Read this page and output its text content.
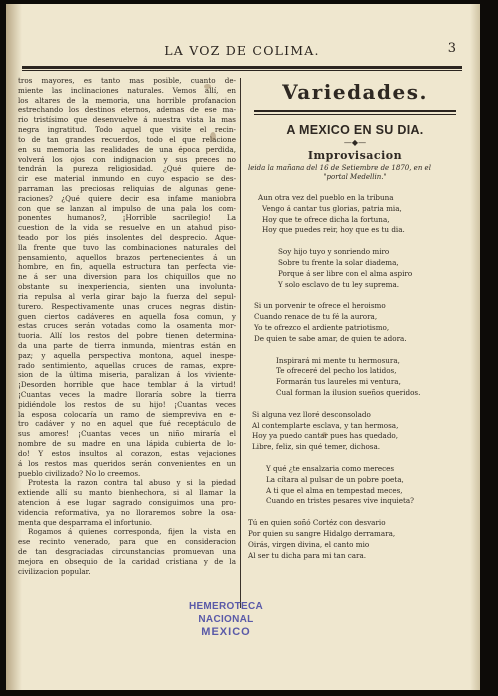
LA VOZ DE COLIMA.	3
tros mayores, es tanto mas posible, cuanto de-
miente las inclinaciones naturales. Vemos allí, en
los altares de la memoria, una horrible profanacion
estrechando los destinos eternos, ademas de ese ma-
rio tristísimo que desenvuelve á nuestra vista la mas
negra ingratitud. Todo aquel que visite el recin-
to de tan grandes recuerdos, todo el que relacione
en su memoria las realidades de una época perdida,
volverá los ojos con indignacion y sus preces no
tendrán la pureza religiosidad. ¿Qué quiere de-
cir ese material inmundo en cuyo espacio se des-
parraman las preciosas reliquias de algunas gene-
raciones? ¿Qué quiere decir esa infame maniobra
con que se lanzan al impulso de una pala los com-
ponentes humanos?, ¡Horrible sacrilegio! La
cuestion de la vida se resuelve en un atahud piso-
teado por los piés insolentes del desprecio. Aque-
lla frente que tuvo las combinaciones naturales del
pensamiento, aquellos brazos pertenecientes á un
hombre, en fin, aquella estructura tan perfecta vie-
ne á ser una diversion para los chiquillos que no
obstante su inexperiencia, sienten una involunta-
ria repulsa al verla girar bajo la fuerza del sepul-
turero. Respectivamente unas cruces negras distin-
guen ciertos cadáveres en aquella fosa comun, y
estas cruces serán votadas como la osamenta mor-
tuoria. Allí los restos del pobre tienen determina-
da una parte de tierra inmunda, mientras están en
paz; y aquella perspectiva montona, aquel inespe-
rado sentimiento, aquellas cruces de ramas, expre-
sion de la última miseria, paralizan á los viviente-
¡Desorden horrible que hace temblar á la virtud!
¡Cuantas veces la madre lloraría sobre la tierra
pidiéndole los restos de su hijo! ¡Cuantas veces
la esposa colocaría un ramo de siempreviva en e-
tro cadáver y no en aquel que fué receptáculo de
sus amores! ¡Cuantas veces un niño miraría el
nombre de su madre en una lápida cubierta de lo-
do! Y estos insultos al corazon, estas vejaciones
á los restos mas queridos serán convenientes en un
pueblo civilizado? No lo creemos.
Protesta la razon contra tal abuso y si la piedad
extiende allí su manto bienhechora, si al llamar la
atencion á ese lugar sagrado consiguimos una pro-
videncia reformativa, ya no lloraremos sobre la osa-
menta que desparrama el infortunio.
Rogamos á quienes corresponda, fijen la vista en
ese recinto venerado, para que en consideracion
de tan desgraciadas circunstancias promuevan una
mejora en obsequio de la caridad cristiana y de la
civilizacion popular.
Variedades.
A MEXICO EN SU DIA.
—◆—
Improvisacion
leida la mañana del 16 de Setiembre de 1870, en el
"portal Medellin."
Aun otra vez del pueblo en la tribuna
Vengo á cantar tus glorias, patria mia,
Hoy que te ofrece dicha la fortuna,
Hoy que puedes reir, hoy que es tu dia.
Soy hijo tuyo y sonriendo miro
Sobre tu frente la solar diadema,
Porque á ser libre con el alma aspiro
Y solo esclavo de tu ley suprema.
Si un porvenir te ofrece el heroismo
Cuando renace de tu fé la aurora,
Yo te ofrezco el ardiente patriotismo,
De quien te sabe amar, de quien te adora.
Inspirará mi mente tu hermosura,
Te ofreceré del pecho los latidos,
Formarán tus laureles mi ventura,
Cual forman la ilusion sueños queridos.
Si alguna vez lloré desconsolado
Al contemplarte esclava, y tan hermosa,
Hoy ya puedo cantar pues has quedado,
Libre, feliz, sin qué temer, dichosa.
Y qué ¿te ensalzaria como mereces
La cítara al pulsar de un pobre poeta,
A ti que el alma en tempestad meces,
Cuando en tristes pesares vive inquieta?
Tú en quien soñó Cortéz con desvario
Por quien su sangre Hidalgo derramara,
Oirás, virgen divina, el canto mio
Al ser tu dicha para mi tan cara.
HEMEROTECA NACIONAL
MEXICO
